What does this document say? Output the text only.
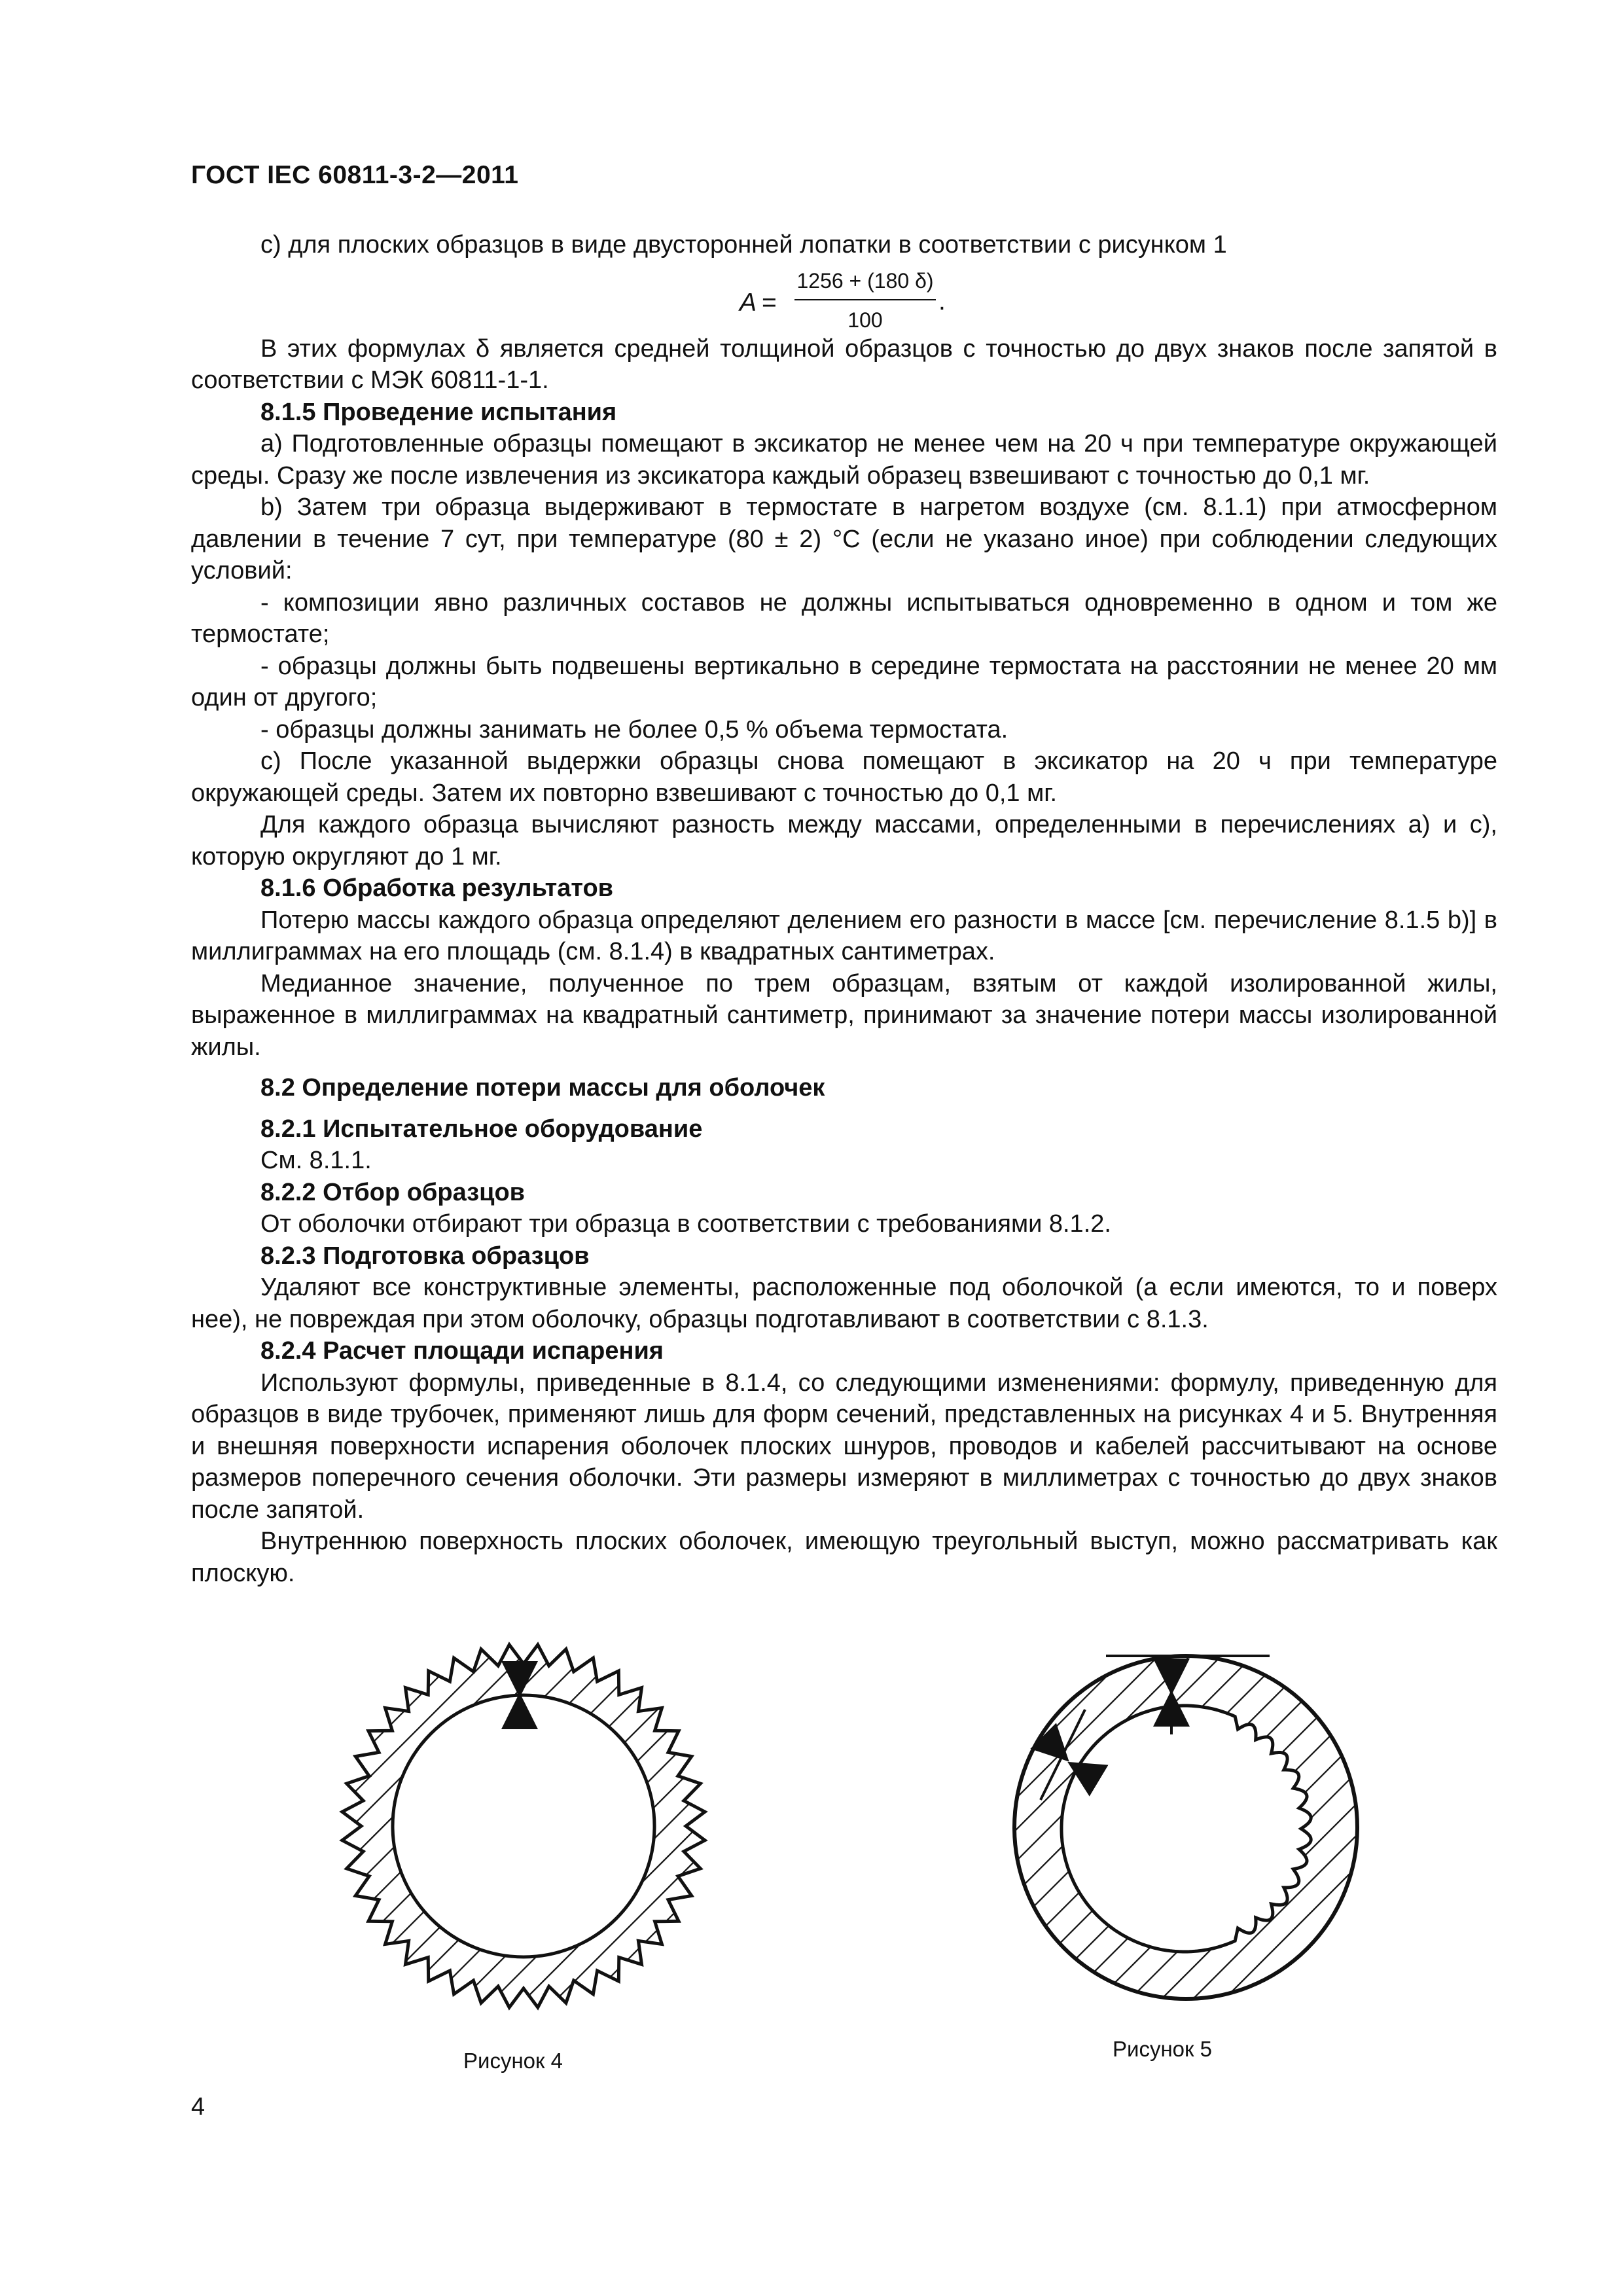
ГОСТ IEC 60811-3-2—2011

c) для плоских образцов в виде двусторонней лопатки в соответствии с рисунком 1

A =
1256 + (180 δ)
100
.

В этих формулах δ является средней толщиной образцов с точностью до двух знаков после запятой в соответствии с МЭК 60811-1-1.

8.1.5 Проведение испытания

a) Подготовленные образцы помещают в эксикатор не менее чем на 20 ч при температуре окружающей среды. Сразу же после извлечения из эксикатора каждый образец взвешивают с точностью до 0,1 мг.

b) Затем три образца выдерживают в термостате в нагретом воздухе (см. 8.1.1) при атмосферном давлении в течение 7 сут, при температуре (80 ± 2) °С (если не указано иное) при соблюдении следующих условий:

- композиции явно различных составов не должны испытываться одновременно в одном и том же термостате;

- образцы должны быть подвешены вертикально в середине термостата на расстоянии не менее 20 мм один от другого;

- образцы должны занимать не более 0,5 % объема термостата.

c) После указанной выдержки образцы снова помещают в эксикатор на 20 ч при температуре окружающей среды. Затем их повторно взвешивают с точностью до 0,1 мг.

Для каждого образца вычисляют разность между массами, определенными в перечислениях a) и c), которую округляют до 1 мг.

8.1.6 Обработка результатов

Потерю массы каждого образца определяют делением его разности в массе [см. перечисление 8.1.5 b)] в миллиграммах на его площадь (см. 8.1.4) в квадратных сантиметрах.

Медианное значение, полученное по трем образцам, взятым от каждой изолированной жилы, выраженное в миллиграммах на квадратный сантиметр, принимают за значение потери массы изолированной жилы.

8.2 Определение потери массы для оболочек

8.2.1 Испытательное оборудование

См. 8.1.1.

8.2.2 Отбор образцов

От оболочки отбирают три образца в соответствии с требованиями 8.1.2.

8.2.3 Подготовка образцов

Удаляют все конструктивные элементы, расположенные под оболочкой (а если имеются, то и поверх нее), не повреждая при этом оболочку, образцы подготавливают в соответствии с 8.1.3.

8.2.4 Расчет площади испарения

Используют формулы, приведенные в 8.1.4, со следующими изменениями: формулу, приведенную для образцов в виде трубочек, применяют лишь для форм сечений, представленных на рисунках 4 и 5. Внутренняя и внешняя поверхности испарения оболочек плоских шнуров, проводов и кабелей рассчитывают на основе размеров поперечного сечения оболочки. Эти размеры измеряют в миллиметрах с точностью до двух знаков после запятой.

Внутреннюю поверхность плоских оболочек, имеющую треугольный выступ, можно рассматривать как плоскую.

Рисунок 4	Рисунок 5
4
